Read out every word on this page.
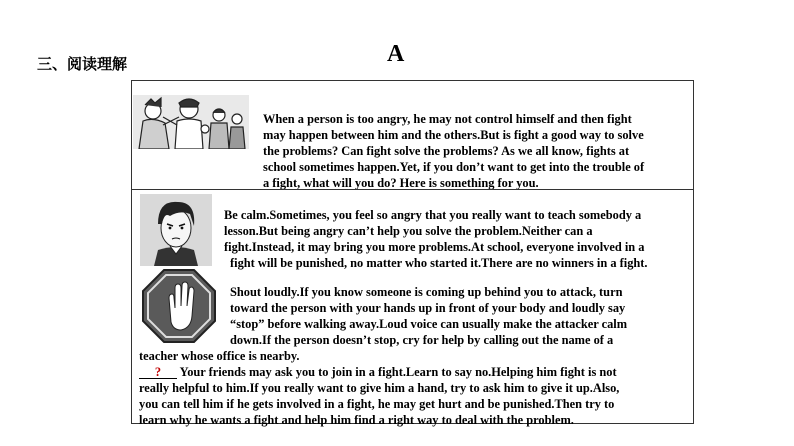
三、阅读理解	A
When a person is too angry, he may not control himself and then fight
may happen between him and the others.But is fight a good way to solve
the problems? Can fight solve the problems? As we all know, fights at
school sometimes happen.Yet, if you don’t want to get into the trouble of
a fight, what will you do? Here is something for you.
Be calm.Sometimes, you feel so angry that you really want to teach somebody a
lesson.But being angry can’t help you solve the problem.Neither can a
fight.Instead, it may bring you more problems.At school, everyone involved in a
fight will be punished, no matter who started it.There are no winners in a fight.
Shout loudly.If you know someone is coming up behind you to attack, turn
toward the person with your hands up in front of your body and loudly say
“stop” before walking away.Loud voice can usually make the attacker calm
down.If the person doesn’t stop, cry for help by calling out the name of a
teacher whose office is nearby.
? Your friends may ask you to join in a fight.Learn to say no.Helping him fight is not
really helpful to him.If you really want to give him a hand, try to ask him to give it up.Also,
you can tell him if he gets involved in a fight, he may get hurt and be punished.Then try to
learn why he wants a fight and help him find a right way to deal with the problem.
